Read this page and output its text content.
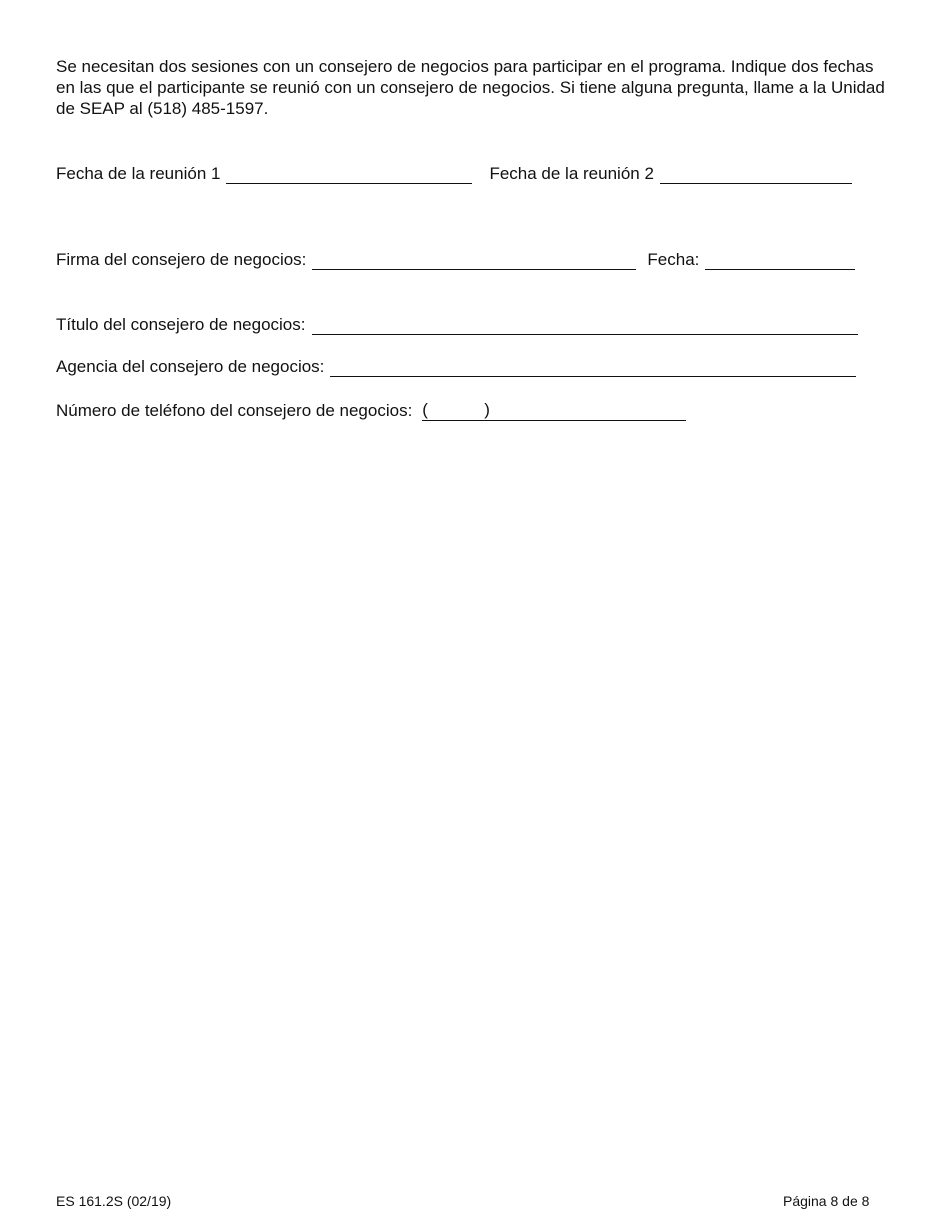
Se necesitan dos sesiones con un consejero de negocios para participar en el programa. Indique dos fechas en las que el participante se reunió con un consejero de negocios. Si tiene alguna pregunta, llame a la Unidad de SEAP al (518) 485-1597.

Fecha de la reunión 1	Fecha de la reunión 2
Firma del consejero de negocios:	Fecha:
Título del consejero de negocios:
Agencia del consejero de negocios:
Número de teléfono del consejero de negocios: (	)
ES 161.2S (02/19)	Página 8 de 8
